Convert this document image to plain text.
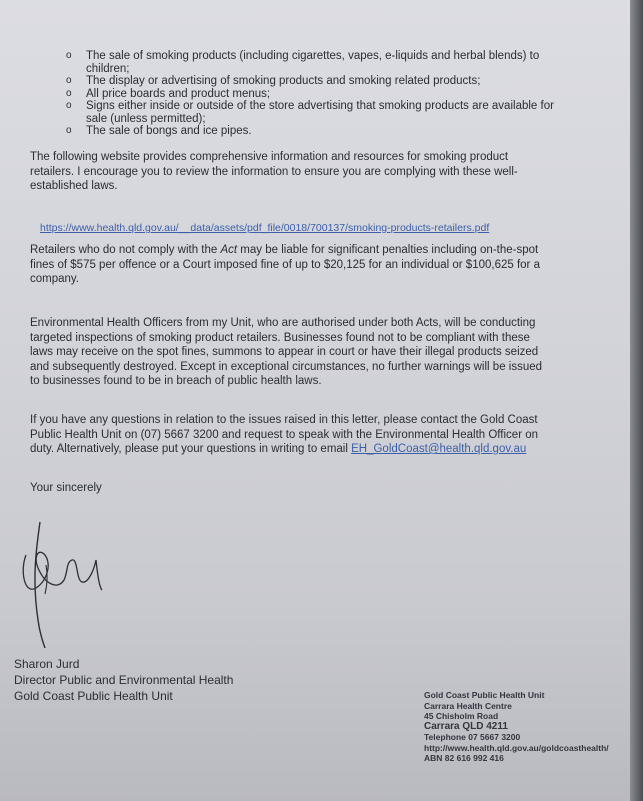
o The sale of smoking products (including cigarettes, vapes, e-liquids and herbal blends) to children;
o The display or advertising of smoking products and smoking related products;
o All price boards and product menus;
o Signs either inside or outside of the store advertising that smoking products are available for sale (unless permitted);
o The sale of bongs and ice pipes.

The following website provides comprehensive information and resources for smoking product retailers. I encourage you to review the information to ensure you are complying with these well-established laws.

https://www.health.qld.gov.au/__data/assets/pdf_file/0018/700137/smoking-products-retailers.pdf

Retailers who do not comply with the Act may be liable for significant penalties including on-the-spot fines of $575 per offence or a Court imposed fine of up to $20,125 for an individual or $100,625 for a company.

Environmental Health Officers from my Unit, who are authorised under both Acts, will be conducting targeted inspections of smoking product retailers. Businesses found not to be compliant with these laws may receive on the spot fines, summons to appear in court or have their illegal products seized and subsequently destroyed. Except in exceptional circumstances, no further warnings will be issued to businesses found to be in breach of public health laws.

If you have any questions in relation to the issues raised in this letter, please contact the Gold Coast Public Health Unit on (07) 5667 3200 and request to speak with the Environmental Health Officer on duty. Alternatively, please put your questions in writing to email EH_GoldCoast@health.qld.gov.au

Your sincerely
Sharon Jurd
Director Public and Environmental Health
Gold Coast Public Health Unit	Gold Coast Public Health Unit
Carrara Health Centre
45 Chisholm Road
Carrara QLD 4211
Telephone 07 5667 3200
http://www.health.qld.gov.au/goldcoasthealth/
ABN 82 616 992 416
